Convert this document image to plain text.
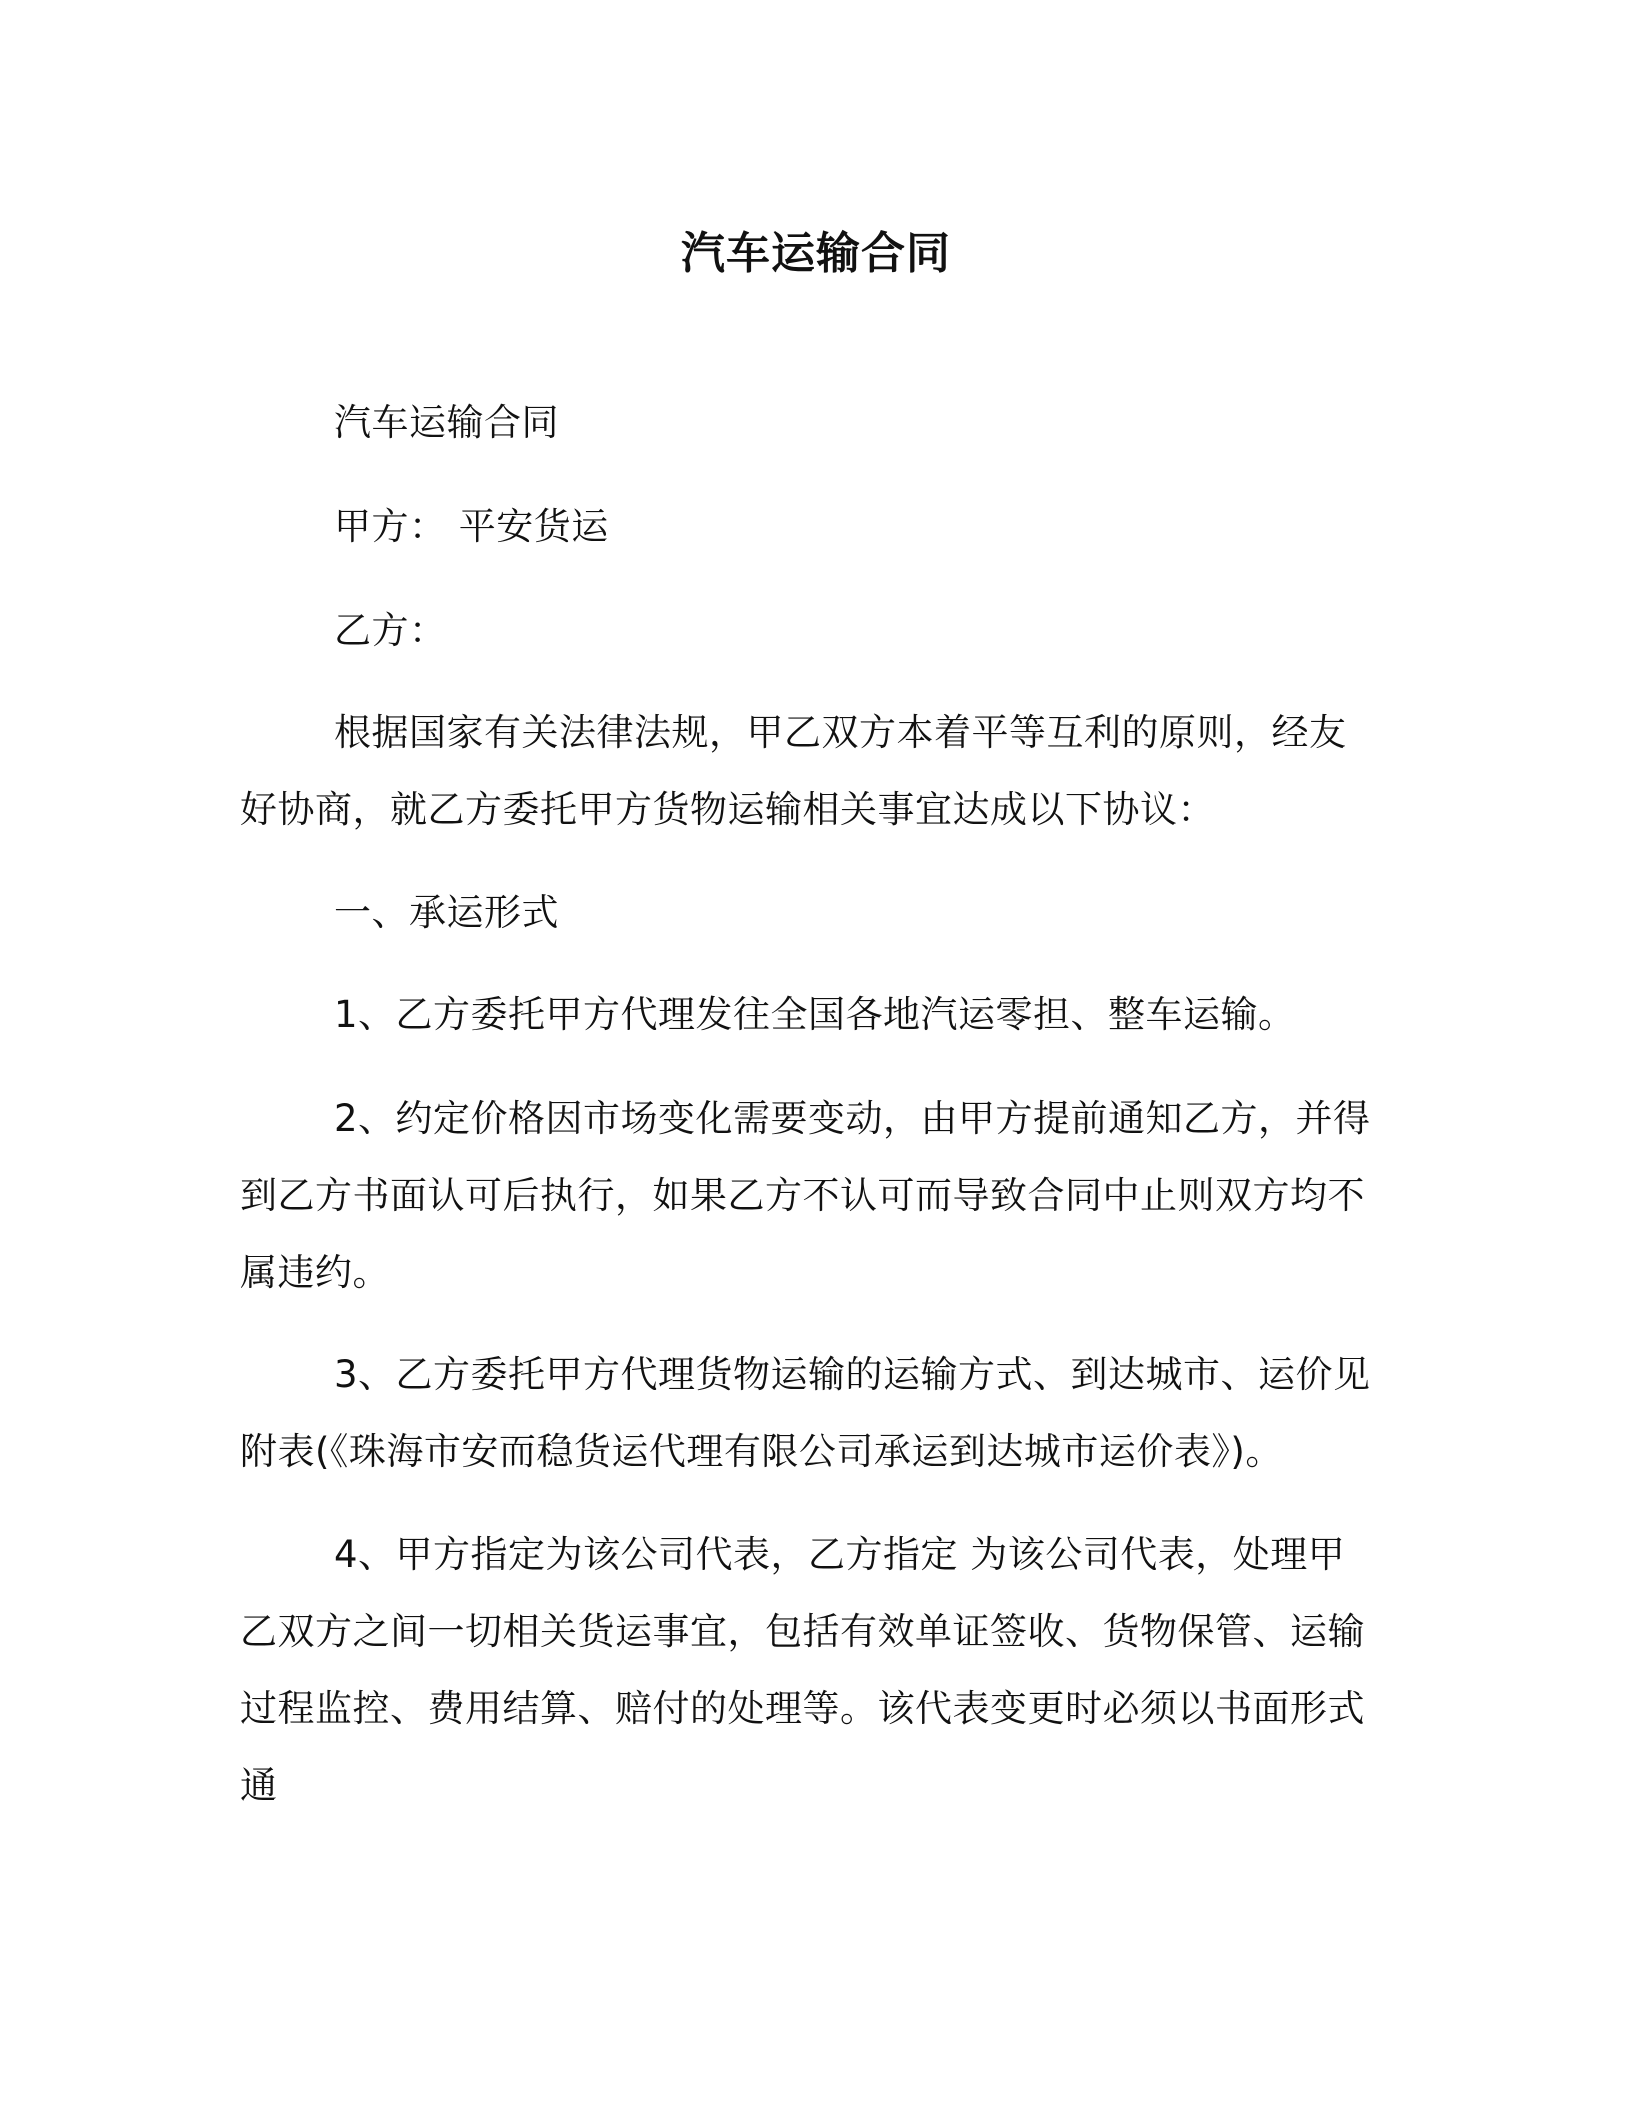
汽车运输合同

汽车运输合同

甲方： 平安货运

乙方：

根据国家有关法律法规，甲乙双方本着平等互利的原则，经友好协商，就乙方委托甲方货物运输相关事宜达成以下协议：

一、承运形式

1、乙方委托甲方代理发往全国各地汽运零担、整车运输。

2、约定价格因市场变化需要变动，由甲方提前通知乙方，并得到乙方书面认可后执行，如果乙方不认可而导致合同中止则双方均不属违约。

3、乙方委托甲方代理货物运输的运输方式、到达城市、运价见附表(《珠海市安而稳货运代理有限公司承运到达城市运价表》)。

4、甲方指定为该公司代表，乙方指定 为该公司代表，处理甲乙双方之间一切相关货运事宜，包括有效单证签收、货物保管、运输过程监控、费用结算、赔付的处理等。该代表变更时必须以书面形式通
